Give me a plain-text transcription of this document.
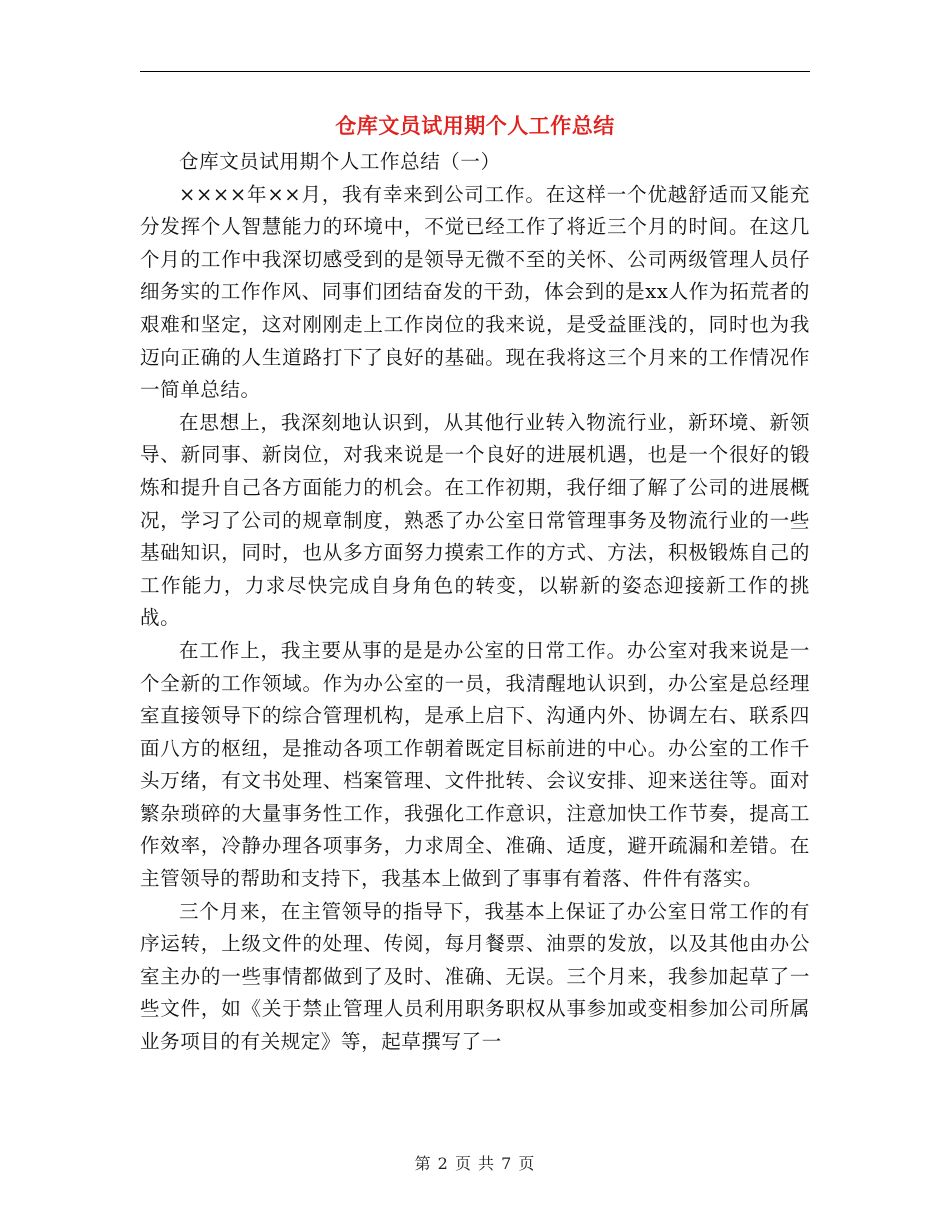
仓库文员试用期个人工作总结

仓库文员试用期个人工作总结（一）

××××年××月，我有幸来到公司工作。在这样一个优越舒适而又能充分发挥个人智慧能力的环境中，不觉已经工作了将近三个月的时间。在这几个月的工作中我深切感受到的是领导无微不至的关怀、公司两级管理人员仔细务实的工作作风、同事们团结奋发的干劲，体会到的是xx人作为拓荒者的艰难和坚定，这对刚刚走上工作岗位的我来说，是受益匪浅的，同时也为我迈向正确的人生道路打下了良好的基础。现在我将这三个月来的工作情况作一简单总结。

在思想上，我深刻地认识到，从其他行业转入物流行业，新环境、新领导、新同事、新岗位，对我来说是一个良好的进展机遇，也是一个很好的锻炼和提升自己各方面能力的机会。在工作初期，我仔细了解了公司的进展概况，学习了公司的规章制度，熟悉了办公室日常管理事务及物流行业的一些基础知识，同时，也从多方面努力摸索工作的方式、方法，积极锻炼自己的工作能力，力求尽快完成自身角色的转变，以崭新的姿态迎接新工作的挑战。

在工作上，我主要从事的是是办公室的日常工作。办公室对我来说是一个全新的工作领域。作为办公室的一员，我清醒地认识到，办公室是总经理室直接领导下的综合管理机构，是承上启下、沟通内外、协调左右、联系四面八方的枢纽，是推动各项工作朝着既定目标前进的中心。办公室的工作千头万绪，有文书处理、档案管理、文件批转、会议安排、迎来送往等。面对繁杂琐碎的大量事务性工作，我强化工作意识，注意加快工作节奏，提高工作效率，冷静办理各项事务，力求周全、准确、适度，避开疏漏和差错。在主管领导的帮助和支持下，我基本上做到了事事有着落、件件有落实。

三个月来，在主管领导的指导下，我基本上保证了办公室日常工作的有序运转，上级文件的处理、传阅，每月餐票、油票的发放，以及其他由办公室主办的一些事情都做到了及时、准确、无误。三个月来，我参加起草了一些文件，如《关于禁止管理人员利用职务职权从事参加或变相参加公司所属业务项目的有关规定》等，起草撰写了一

第 2 页 共 7 页
